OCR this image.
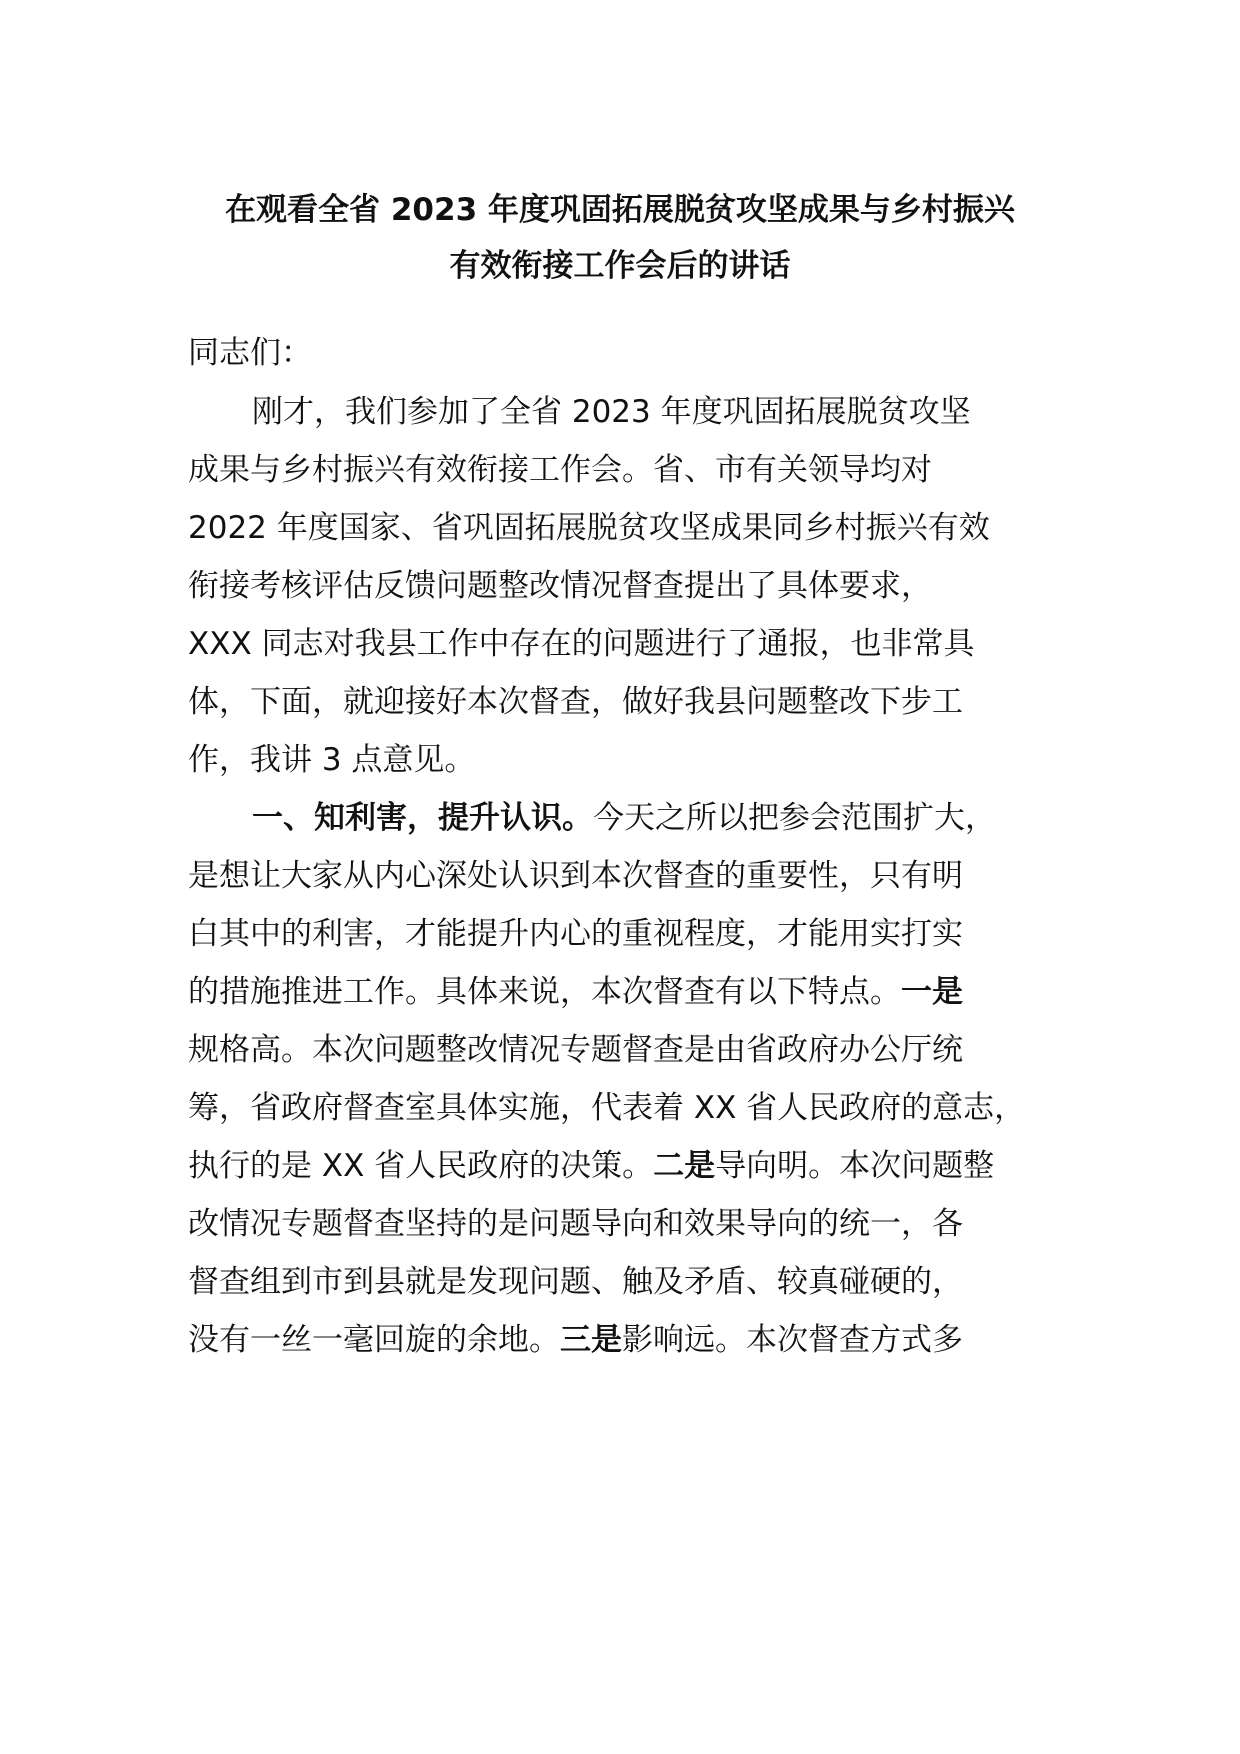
在观看全省 2023 年度巩固拓展脱贫攻坚成果与乡村振兴
有效衔接工作会后的讲话
同志们：
刚才，我们参加了全省 2023 年度巩固拓展脱贫攻坚
成果与乡村振兴有效衔接工作会。省、市有关领导均对
2022 年度国家、省巩固拓展脱贫攻坚成果同乡村振兴有效
衔接考核评估反馈问题整改情况督查提出了具体要求，
XXX 同志对我县工作中存在的问题进行了通报，也非常具
体，下面，就迎接好本次督查，做好我县问题整改下步工
作，我讲 3 点意见。
一、知利害，提升认识。今天之所以把参会范围扩大，
是想让大家从内心深处认识到本次督查的重要性，只有明
白其中的利害，才能提升内心的重视程度，才能用实打实
的措施推进工作。具体来说，本次督查有以下特点。一是
规格高。本次问题整改情况专题督查是由省政府办公厅统
筹，省政府督查室具体实施，代表着 XX 省人民政府的意志，
执行的是 XX 省人民政府的决策。二是导向明。本次问题整
改情况专题督查坚持的是问题导向和效果导向的统一，各
督查组到市到县就是发现问题、触及矛盾、较真碰硬的，
没有一丝一毫回旋的余地。三是影响远。本次督查方式多
